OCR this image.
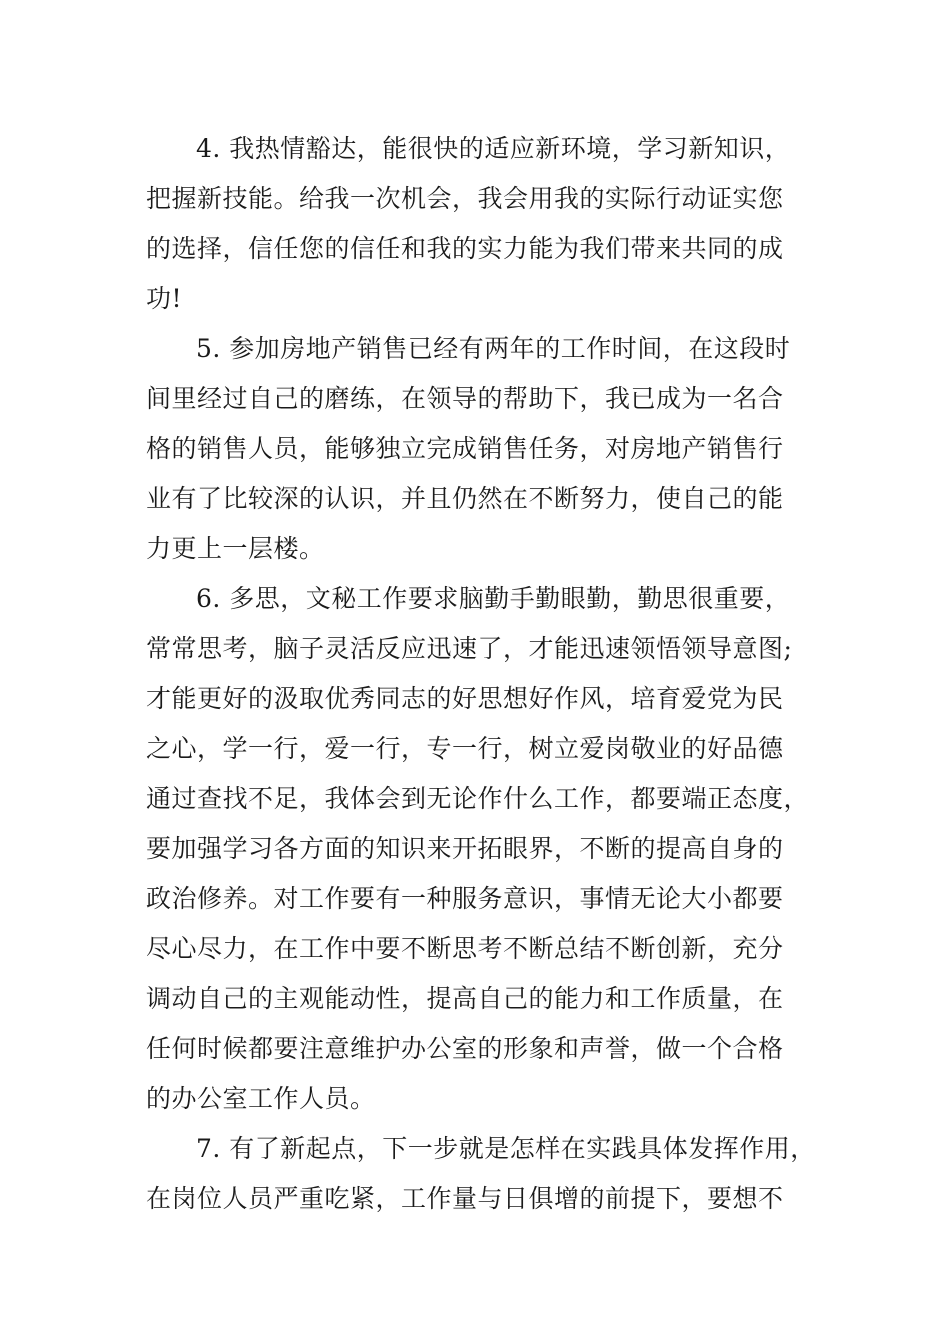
4. 我热情豁达，能很快的适应新环境，学习新知识，
把握新技能。给我一次机会，我会用我的实际行动证实您
的选择，信任您的信任和我的实力能为我们带来共同的成
功!
5. 参加房地产销售已经有两年的工作时间，在这段时
间里经过自己的磨练，在领导的帮助下，我已成为一名合
格的销售人员，能够独立完成销售任务，对房地产销售行
业有了比较深的认识，并且仍然在不断努力，使自己的能
力更上一层楼。
6. 多思，文秘工作要求脑勤手勤眼勤，勤思很重要，
常常思考，脑子灵活反应迅速了，才能迅速领悟领导意图;
才能更好的汲取优秀同志的好思想好作风，培育爱党为民
之心，学一行，爱一行，专一行，树立爱岗敬业的好品德
通过查找不足，我体会到无论作什么工作，都要端正态度，
要加强学习各方面的知识来开拓眼界，不断的提高自身的
政治修养。对工作要有一种服务意识，事情无论大小都要
尽心尽力，在工作中要不断思考不断总结不断创新，充分
调动自己的主观能动性，提高自己的能力和工作质量，在
任何时候都要注意维护办公室的形象和声誉，做一个合格
的办公室工作人员。
7. 有了新起点，下一步就是怎样在实践具体发挥作用，
在岗位人员严重吃紧，工作量与日俱增的前提下，要想不
